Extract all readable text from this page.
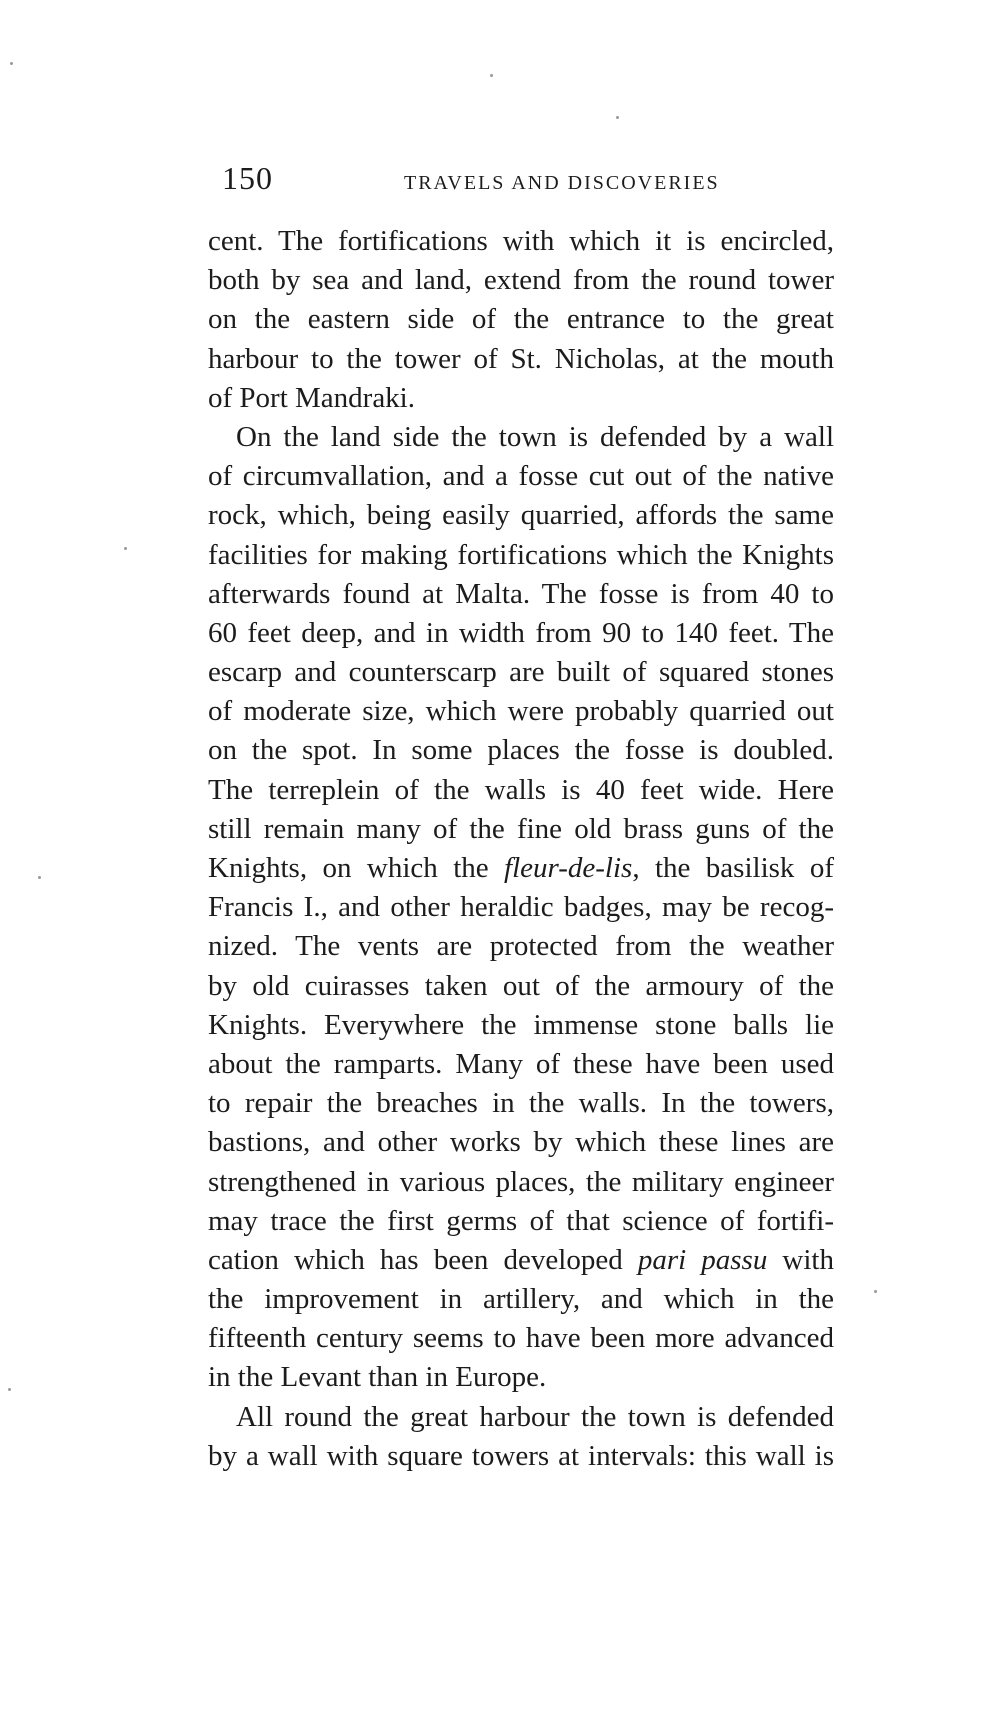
150	TRAVELS AND DISCOVERIES
cent. The fortifications with which it is encircled,
both by sea and land, extend from the round tower
on the eastern side of the entrance to the great
harbour to the tower of St. Nicholas, at the mouth
of Port Mandraki.
On the land side the town is defended by a wall
of circumvallation, and a fosse cut out of the native
rock, which, being easily quarried, affords the same
facilities for making fortifications which the Knights
afterwards found at Malta. The fosse is from 40 to
60 feet deep, and in width from 90 to 140 feet. The
escarp and counterscarp are built of squared stones
of moderate size, which were probably quarried out
on the spot. In some places the fosse is doubled.
The terreplein of the walls is 40 feet wide. Here
still remain many of the fine old brass guns of the
Knights, on which the fleur-de-lis, the basilisk of
Francis I., and other heraldic badges, may be recog-
nized. The vents are protected from the weather
by old cuirasses taken out of the armoury of the
Knights. Everywhere the immense stone balls lie
about the ramparts. Many of these have been used
to repair the breaches in the walls. In the towers,
bastions, and other works by which these lines are
strengthened in various places, the military engineer
may trace the first germs of that science of fortifi-
cation which has been developed pari passu with
the improvement in artillery, and which in the
fifteenth century seems to have been more advanced
in the Levant than in Europe.
All round the great harbour the town is defended
by a wall with square towers at intervals: this wall is
